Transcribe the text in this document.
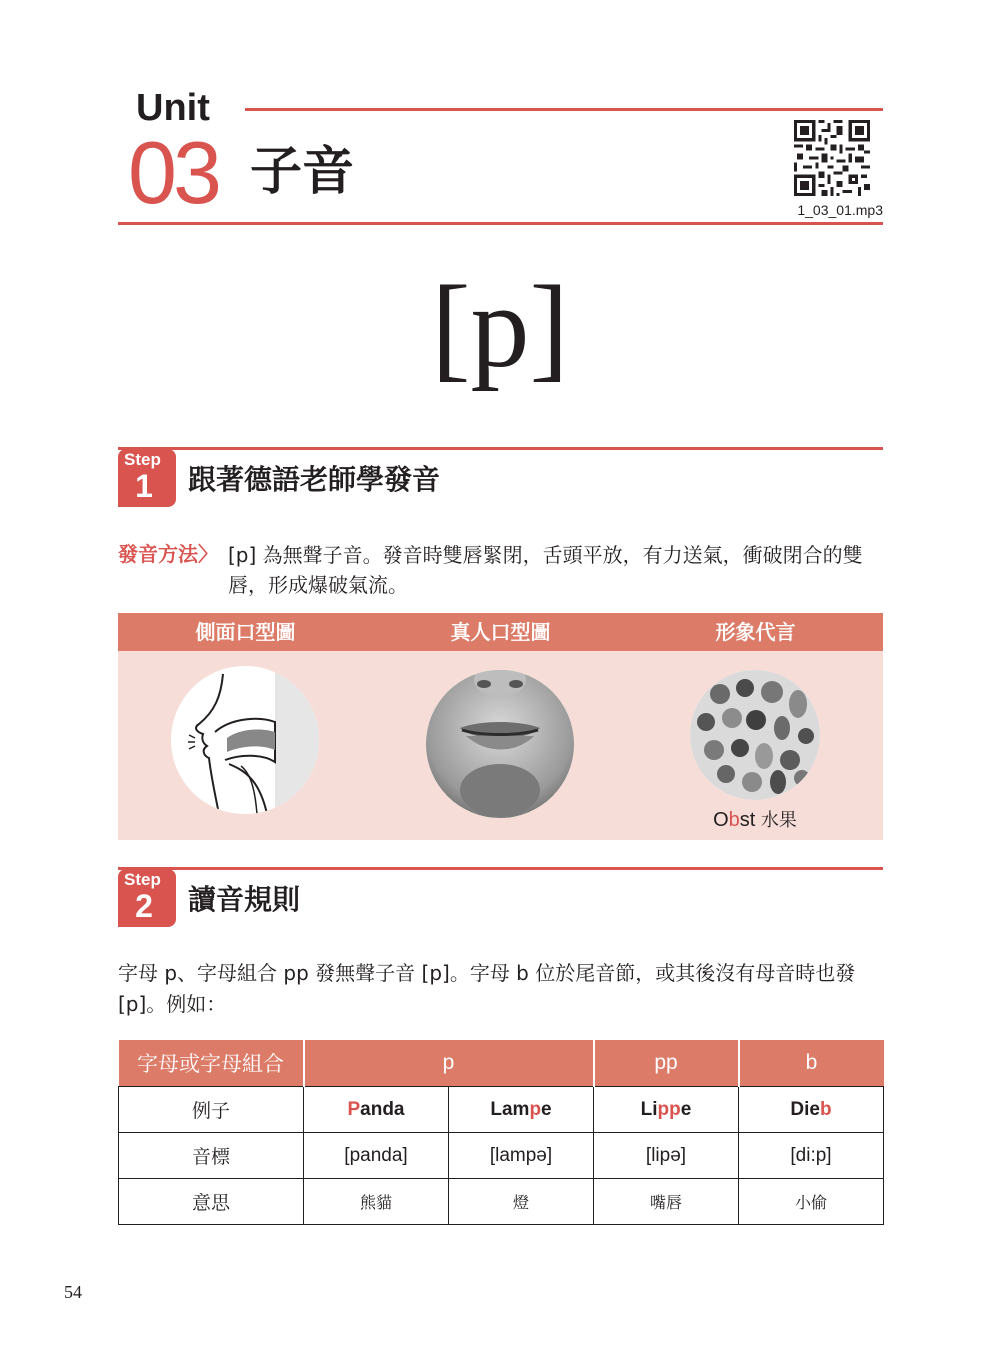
Unit
03 子音
1_03_01.mp3
[p]
Step
1	跟著德語老師學發音
發音方法〉 [p] 為無聲子音。發音時雙唇緊閉，舌頭平放，有力送氣，衝破閉合的雙唇，形成爆破氣流。
側面口型圖	真人口型圖	形象代言
Obst 水果
Step
2	讀音規則
字母 p、字母組合 pp 發無聲子音 [p]。字母 b 位於尾音節，或其後沒有母音時也發 [p]。例如：
字母或字母組合	p		pp	b
例子	Panda	Lampe	Lippe	Dieb
音標	[panda]	[lampə]	[lipə]	[di:p]
意思	熊貓	燈	嘴唇	小偷
54
